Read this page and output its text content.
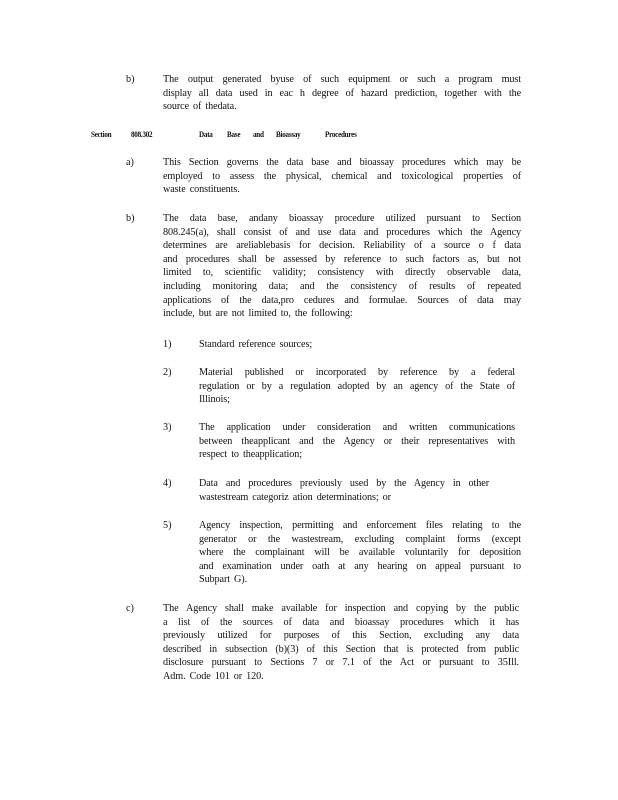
b)	The output generated byuse of such equipment or such a program must
display all data used in eac h degree of hazard prediction, together with the
source of thedata.
Section 808.302	Data Base and Bioassay	Procedures
a)	This Section governs the data base and bioassay procedures which may be
employed to assess the physical, chemical and toxicological properties of
waste constituents.
b)	The data base, andany bioassay procedure utilized pursuant to Section
808.245(a), shall consist of and use data and procedures which the Agency
determines are areliablebasis for decision. Reliability of a source o f data
and procedures shall be assessed by reference to such factors as, but not
limited to, scientific validity; consistency with directly observable data,
including monitoring data; and the consistency of results of repeated
applications of the data,pro cedures and formulae. Sources of data may
include, but are not limited to, the following:
1)	Standard reference sources;
2)	Material published or incorporated by reference by a federal
regulation or by a regulation adopted by an agency of the State of
Illinois;
3)	The application under consideration and written communications
between theapplicant and the Agency or their representatives with
respect to theapplication;
4)	Data and procedures previously used by the Agency in other
wastestream categoriz ation determinations; or
5)	Agency inspection, permitting and enforcement files relating to the
generator or the wastestream, excluding complaint forms (except
where the complainant will be available voluntarily for deposition
and examination under oath at any hearing on appeal pursuant to
Subpart G).
c)	The Agency shall make available for inspection and copying by the public
a list of the sources of data and bioassay procedures which it has
previously utilized for purposes of this Section, excluding any data
described in subsection (b)(3) of this Section that is protected from public
disclosure pursuant to Sections 7 or 7.1 of the Act or pursuant to 35Ill.
Adm. Code 101 or 120.
